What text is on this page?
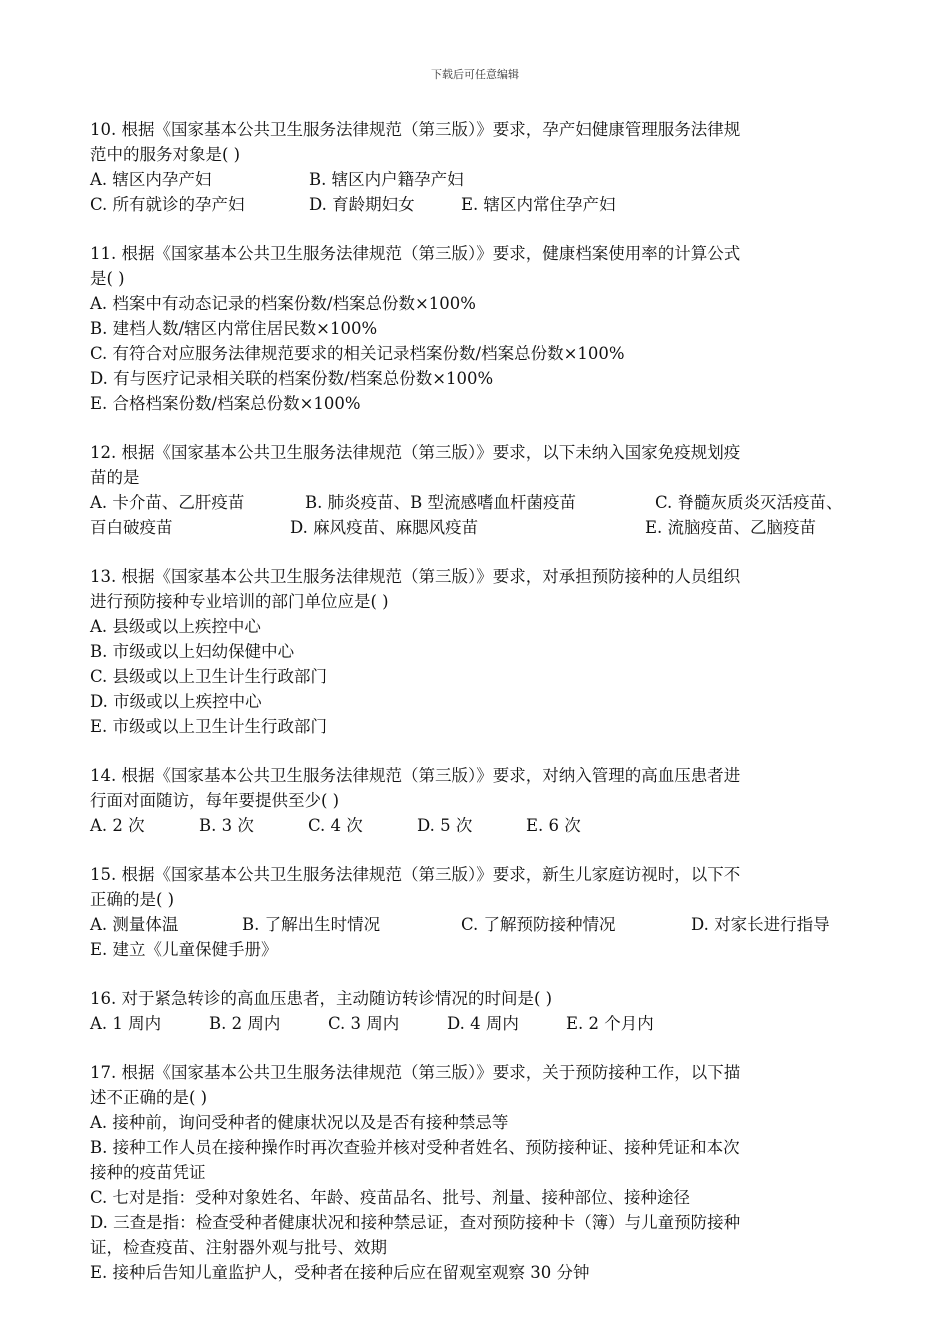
下载后可任意编辑
10. 根据《国家基本公共卫生服务法律规范（第三版）》要求，孕产妇健康管理服务法律规
范中的服务对象是( )
A. 辖区内孕产妇	B. 辖区内户籍孕产妇
C. 所有就诊的孕产妇	D. 育龄期妇女	E. 辖区内常住孕产妇
11. 根据《国家基本公共卫生服务法律规范（第三版）》要求，健康档案使用率的计算公式
是( )
A. 档案中有动态记录的档案份数/档案总份数×100%
B. 建档人数/辖区内常住居民数×100%
C. 有符合对应服务法律规范要求的相关记录档案份数/档案总份数×100%
D. 有与医疗记录相关联的档案份数/档案总份数×100%
E. 合格档案份数/档案总份数×100%
12. 根据《国家基本公共卫生服务法律规范（第三版）》要求，以下未纳入国家免疫规划疫
苗的是
A. 卡介苗、乙肝疫苗	B. 肺炎疫苗、B 型流感嗜血杆菌疫苗	C. 脊髓灰质炎灭活疫苗、
百白破疫苗	D. 麻风疫苗、麻腮风疫苗	E. 流脑疫苗、乙脑疫苗
13. 根据《国家基本公共卫生服务法律规范（第三版）》要求，对承担预防接种的人员组织
进行预防接种专业培训的部门单位应是( )
A. 县级或以上疾控中心
B. 市级或以上妇幼保健中心
C. 县级或以上卫生计生行政部门
D. 市级或以上疾控中心
E. 市级或以上卫生计生行政部门
14. 根据《国家基本公共卫生服务法律规范（第三版）》要求，对纳入管理的高血压患者进
行面对面随访，每年要提供至少( )
A. 2 次	B. 3 次	C. 4 次	D. 5 次	E. 6 次
15. 根据《国家基本公共卫生服务法律规范（第三版）》要求，新生儿家庭访视时，以下不
正确的是( )
A. 测量体温	B. 了解出生时情况	C. 了解预防接种情况	D. 对家长进行指导
E. 建立《儿童保健手册》
16. 对于紧急转诊的高血压患者，主动随访转诊情况的时间是( )
A. 1 周内	B. 2 周内	C. 3 周内	D. 4 周内	E. 2 个月内
17. 根据《国家基本公共卫生服务法律规范（第三版）》要求，关于预防接种工作，以下描
述不正确的是( )
A. 接种前，询问受种者的健康状况以及是否有接种禁忌等
B. 接种工作人员在接种操作时再次查验并核对受种者姓名、预防接种证、接种凭证和本次
接种的疫苗凭证
C. 七对是指：受种对象姓名、年龄、疫苗品名、批号、剂量、接种部位、接种途径
D. 三查是指：检查受种者健康状况和接种禁忌证，查对预防接种卡（簿）与儿童预防接种
证，检查疫苗、注射器外观与批号、效期
E. 接种后告知儿童监护人，受种者在接种后应在留观室观察 30 分钟
